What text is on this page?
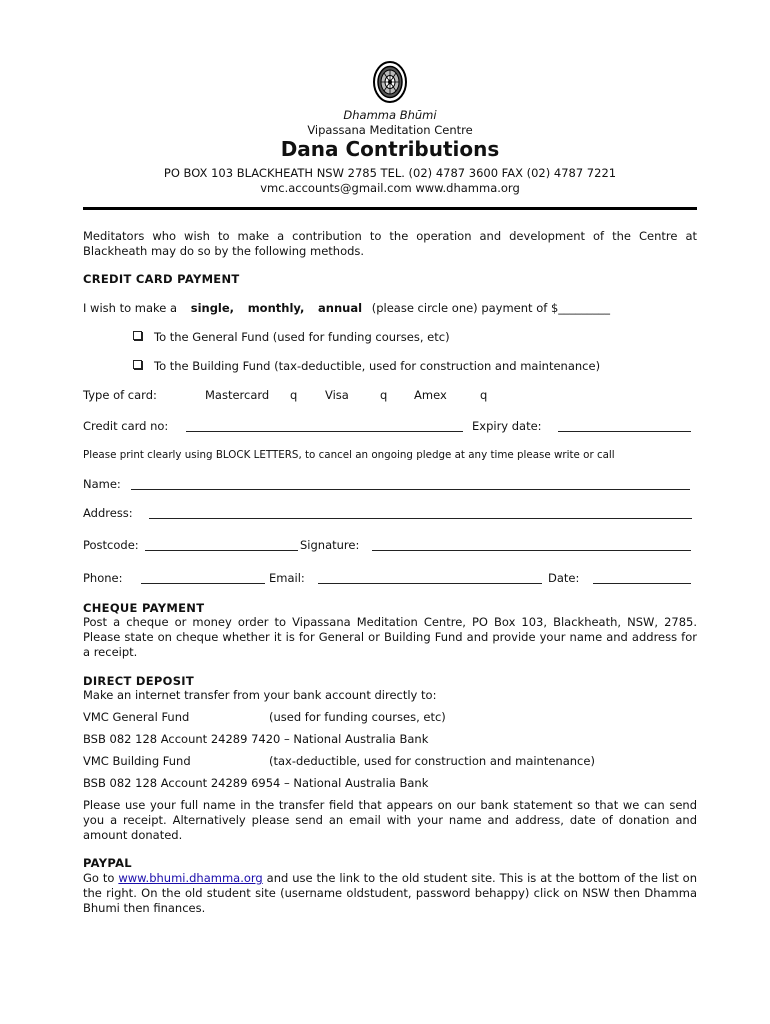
Dhamma Bhūmi
Vipassana Meditation Centre
Dana Contributions
PO BOX 103 BLACKHEATH NSW 2785 TEL. (02) 4787 3600 FAX (02) 4787 7221
vmc.accounts@gmail.com www.dhamma.org
Meditators who wish to make a contribution to the operation and development of the Centre at Blackheath may do so by the following methods.
CREDIT CARD PAYMENT
I wish to make a single, monthly, annual (please circle one) payment of $_________
To the General Fund (used for funding courses, etc)
To the Building Fund (tax-deductible, used for construction and maintenance)
Type of card:	Mastercard q Visa	q Amex	q
Credit card no:	Expiry date:
Please print clearly using BLOCK LETTERS, to cancel an ongoing pledge at any time please write or call
Name:
Address:
Postcode:	Signature:
Phone:	Email:	Date:
CHEQUE PAYMENT
Post a cheque or money order to Vipassana Meditation Centre, PO Box 103, Blackheath, NSW, 2785. Please state on cheque whether it is for General or Building Fund and provide your name and address for a receipt.
DIRECT DEPOSIT
Make an internet transfer from your bank account directly to:
VMC General Fund	(used for funding courses, etc)
BSB 082 128 Account 24289 7420 – National Australia Bank
VMC Building Fund	(tax-deductible, used for construction and maintenance)
BSB 082 128 Account 24289 6954 – National Australia Bank
Please use your full name in the transfer field that appears on our bank statement so that we can send you a receipt. Alternatively please send an email with your name and address, date of donation and amount donated.
PAYPAL
Go to www.bhumi.dhamma.org and use the link to the old student site. This is at the bottom of the list on the right. On the old student site (username oldstudent, password behappy) click on NSW then Dhamma Bhumi then finances.
